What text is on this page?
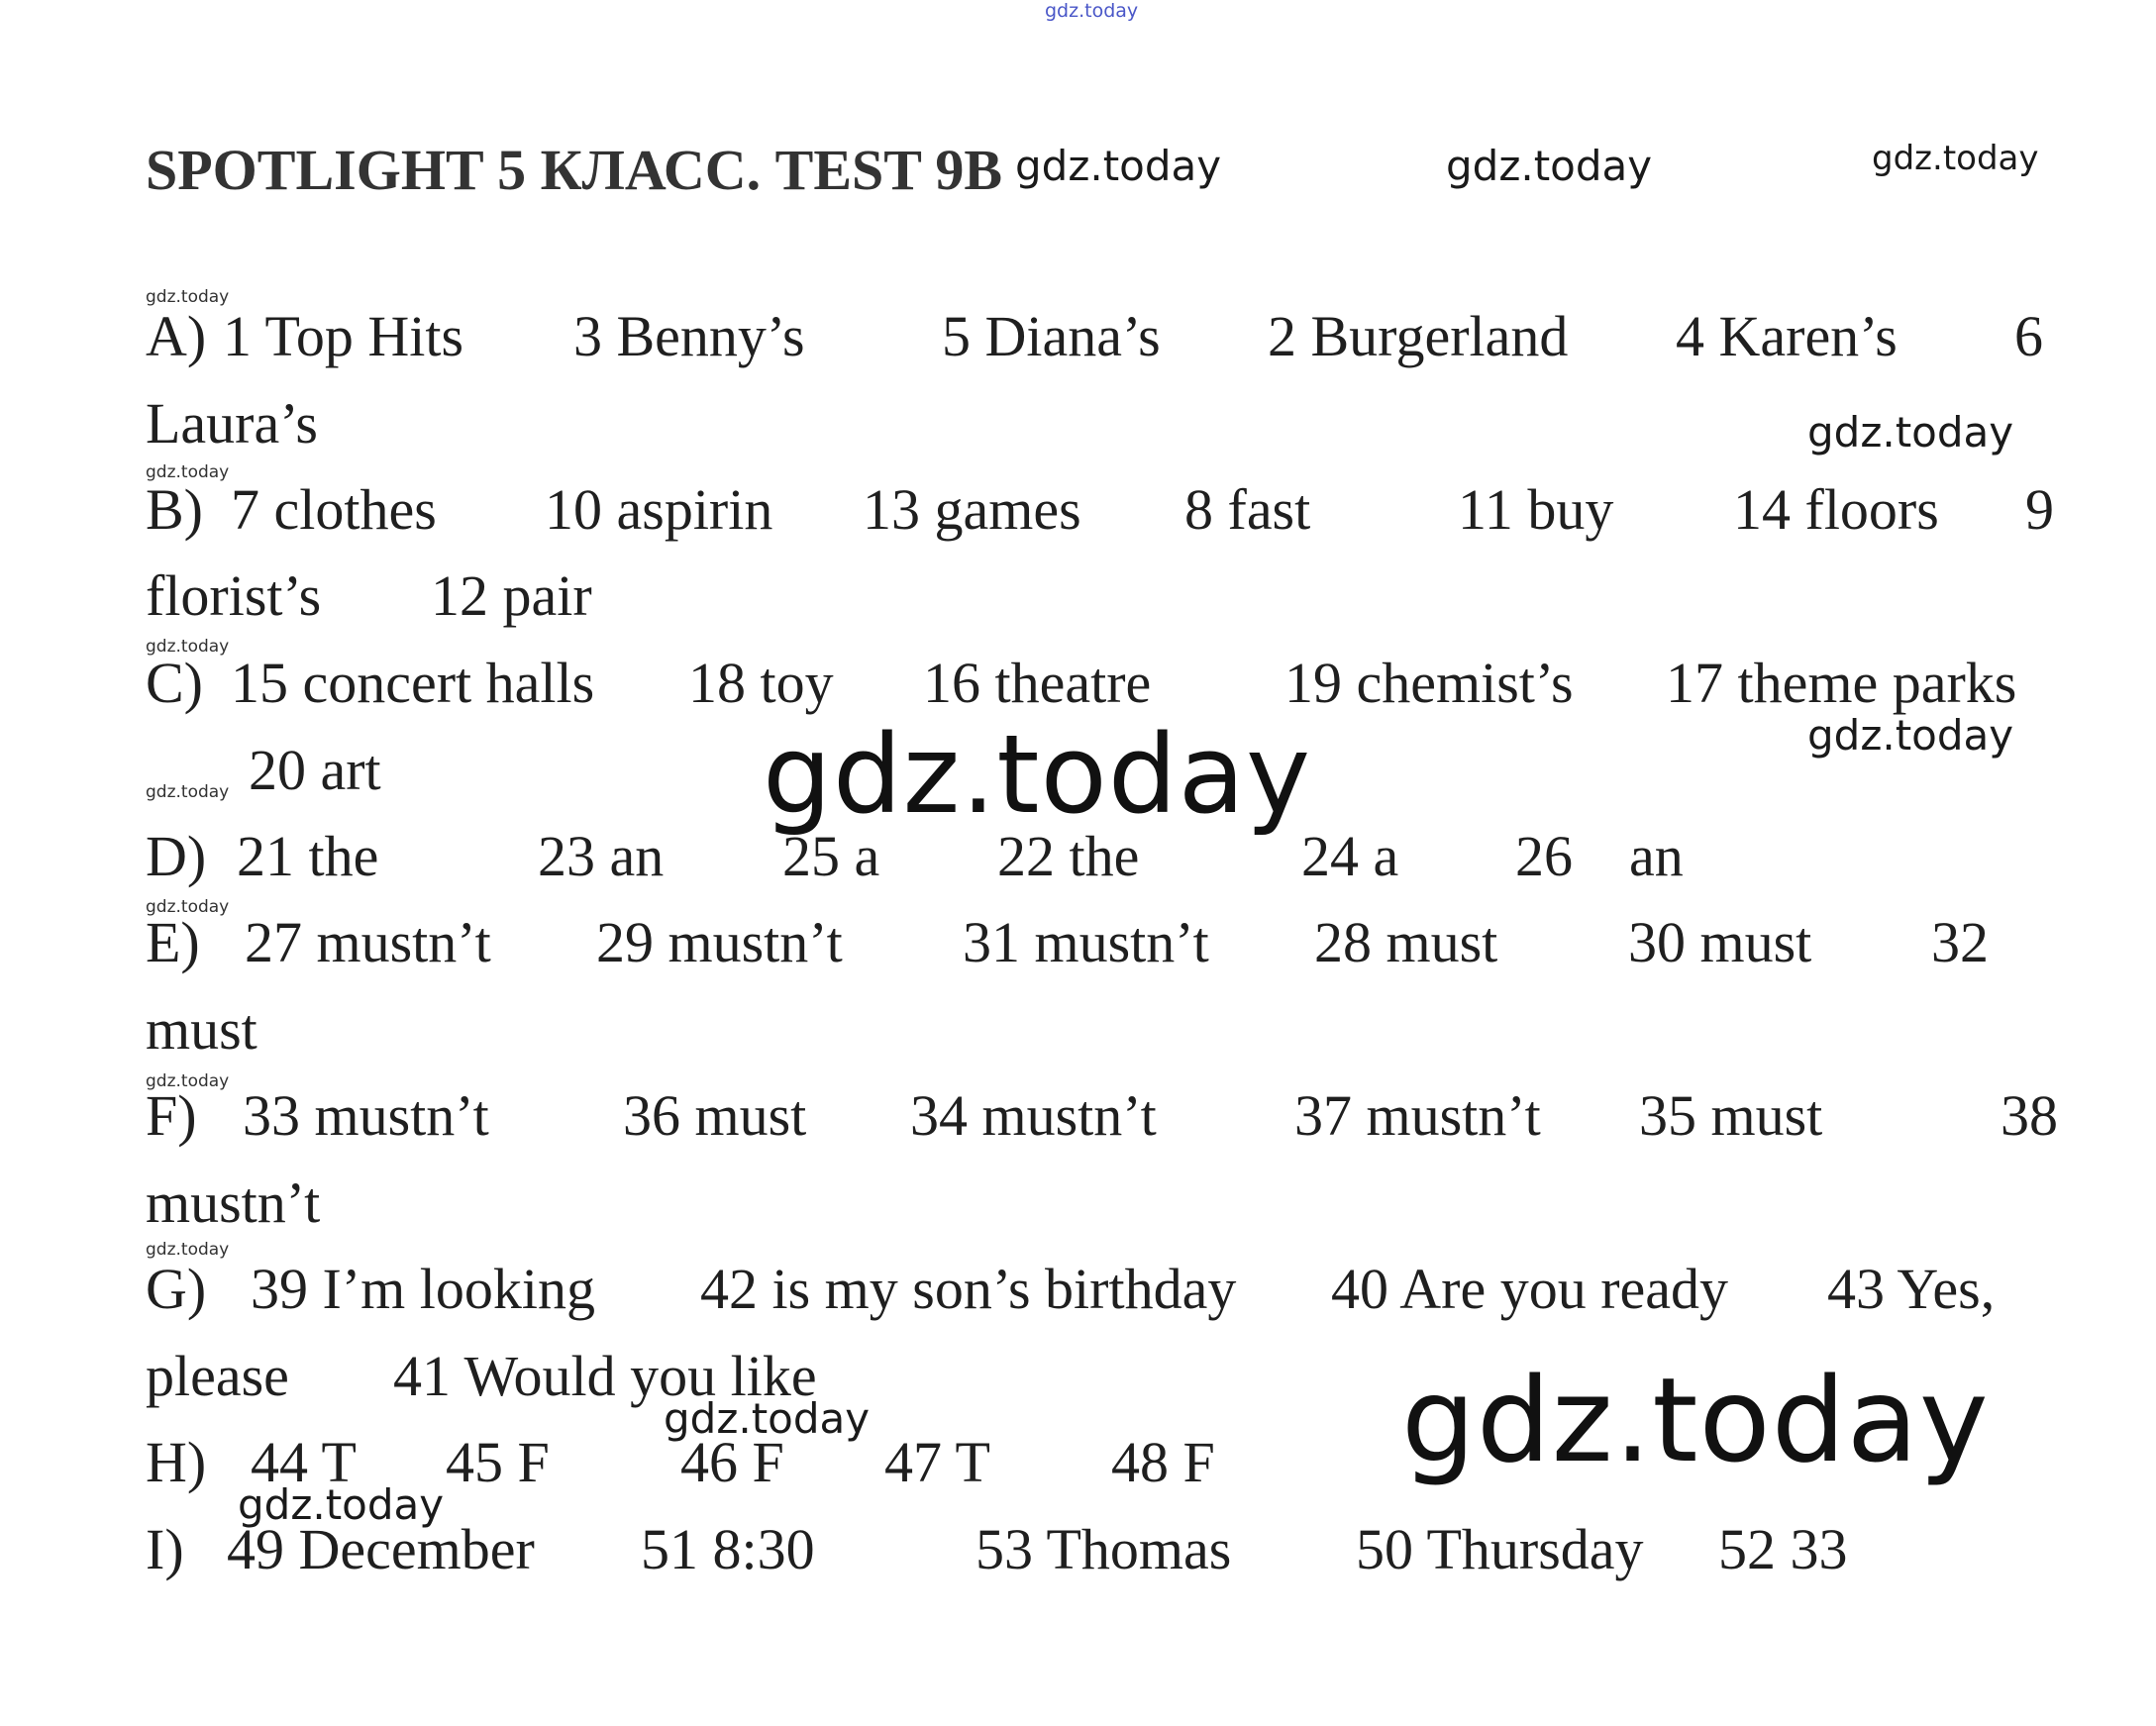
SPOTLIGHT 5 КЛАСС. TEST 9B
A) 1 Top Hits 3 Benny’s 5 Diana’s 2 Burgerland 4 Karen’s 6
Laura’s
B) 7 clothes 10 aspirin 13 games 8 fast	11 buy 14 floors 9
florist’s 12 pair
C) 15 concert halls 18 toy 16 theatre 19 chemist’s 17 theme parks
20 art
D) 21 the	23 an 25 a 22 the	24 a 26 an
E) 27 mustn’t 29 mustn’t 31 mustn’t 28 must 30 must 32
must
F) 33 mustn’t 36 must 34 mustn’t 37 mustn’t 35 must	38
mustn’t
G) 39 I’m looking 42 is my son’s birthday 40 Are you ready 43 Yes,
please 41 Would you like
H) 44 T 45 F 46 F 47 T 48 F
I) 49 December 51 8:30	53 Thomas 50 Thursday 52 33
gdz.today
gdz.today	gdz.today	gdz.today
gdz.today
gdz.today
gdz.today
gdz.today
gdz.today
gdz.today	gdz.today
gdz.today
gdz.today
gdz.today
gdz.today	gdz.today
gdz.today
